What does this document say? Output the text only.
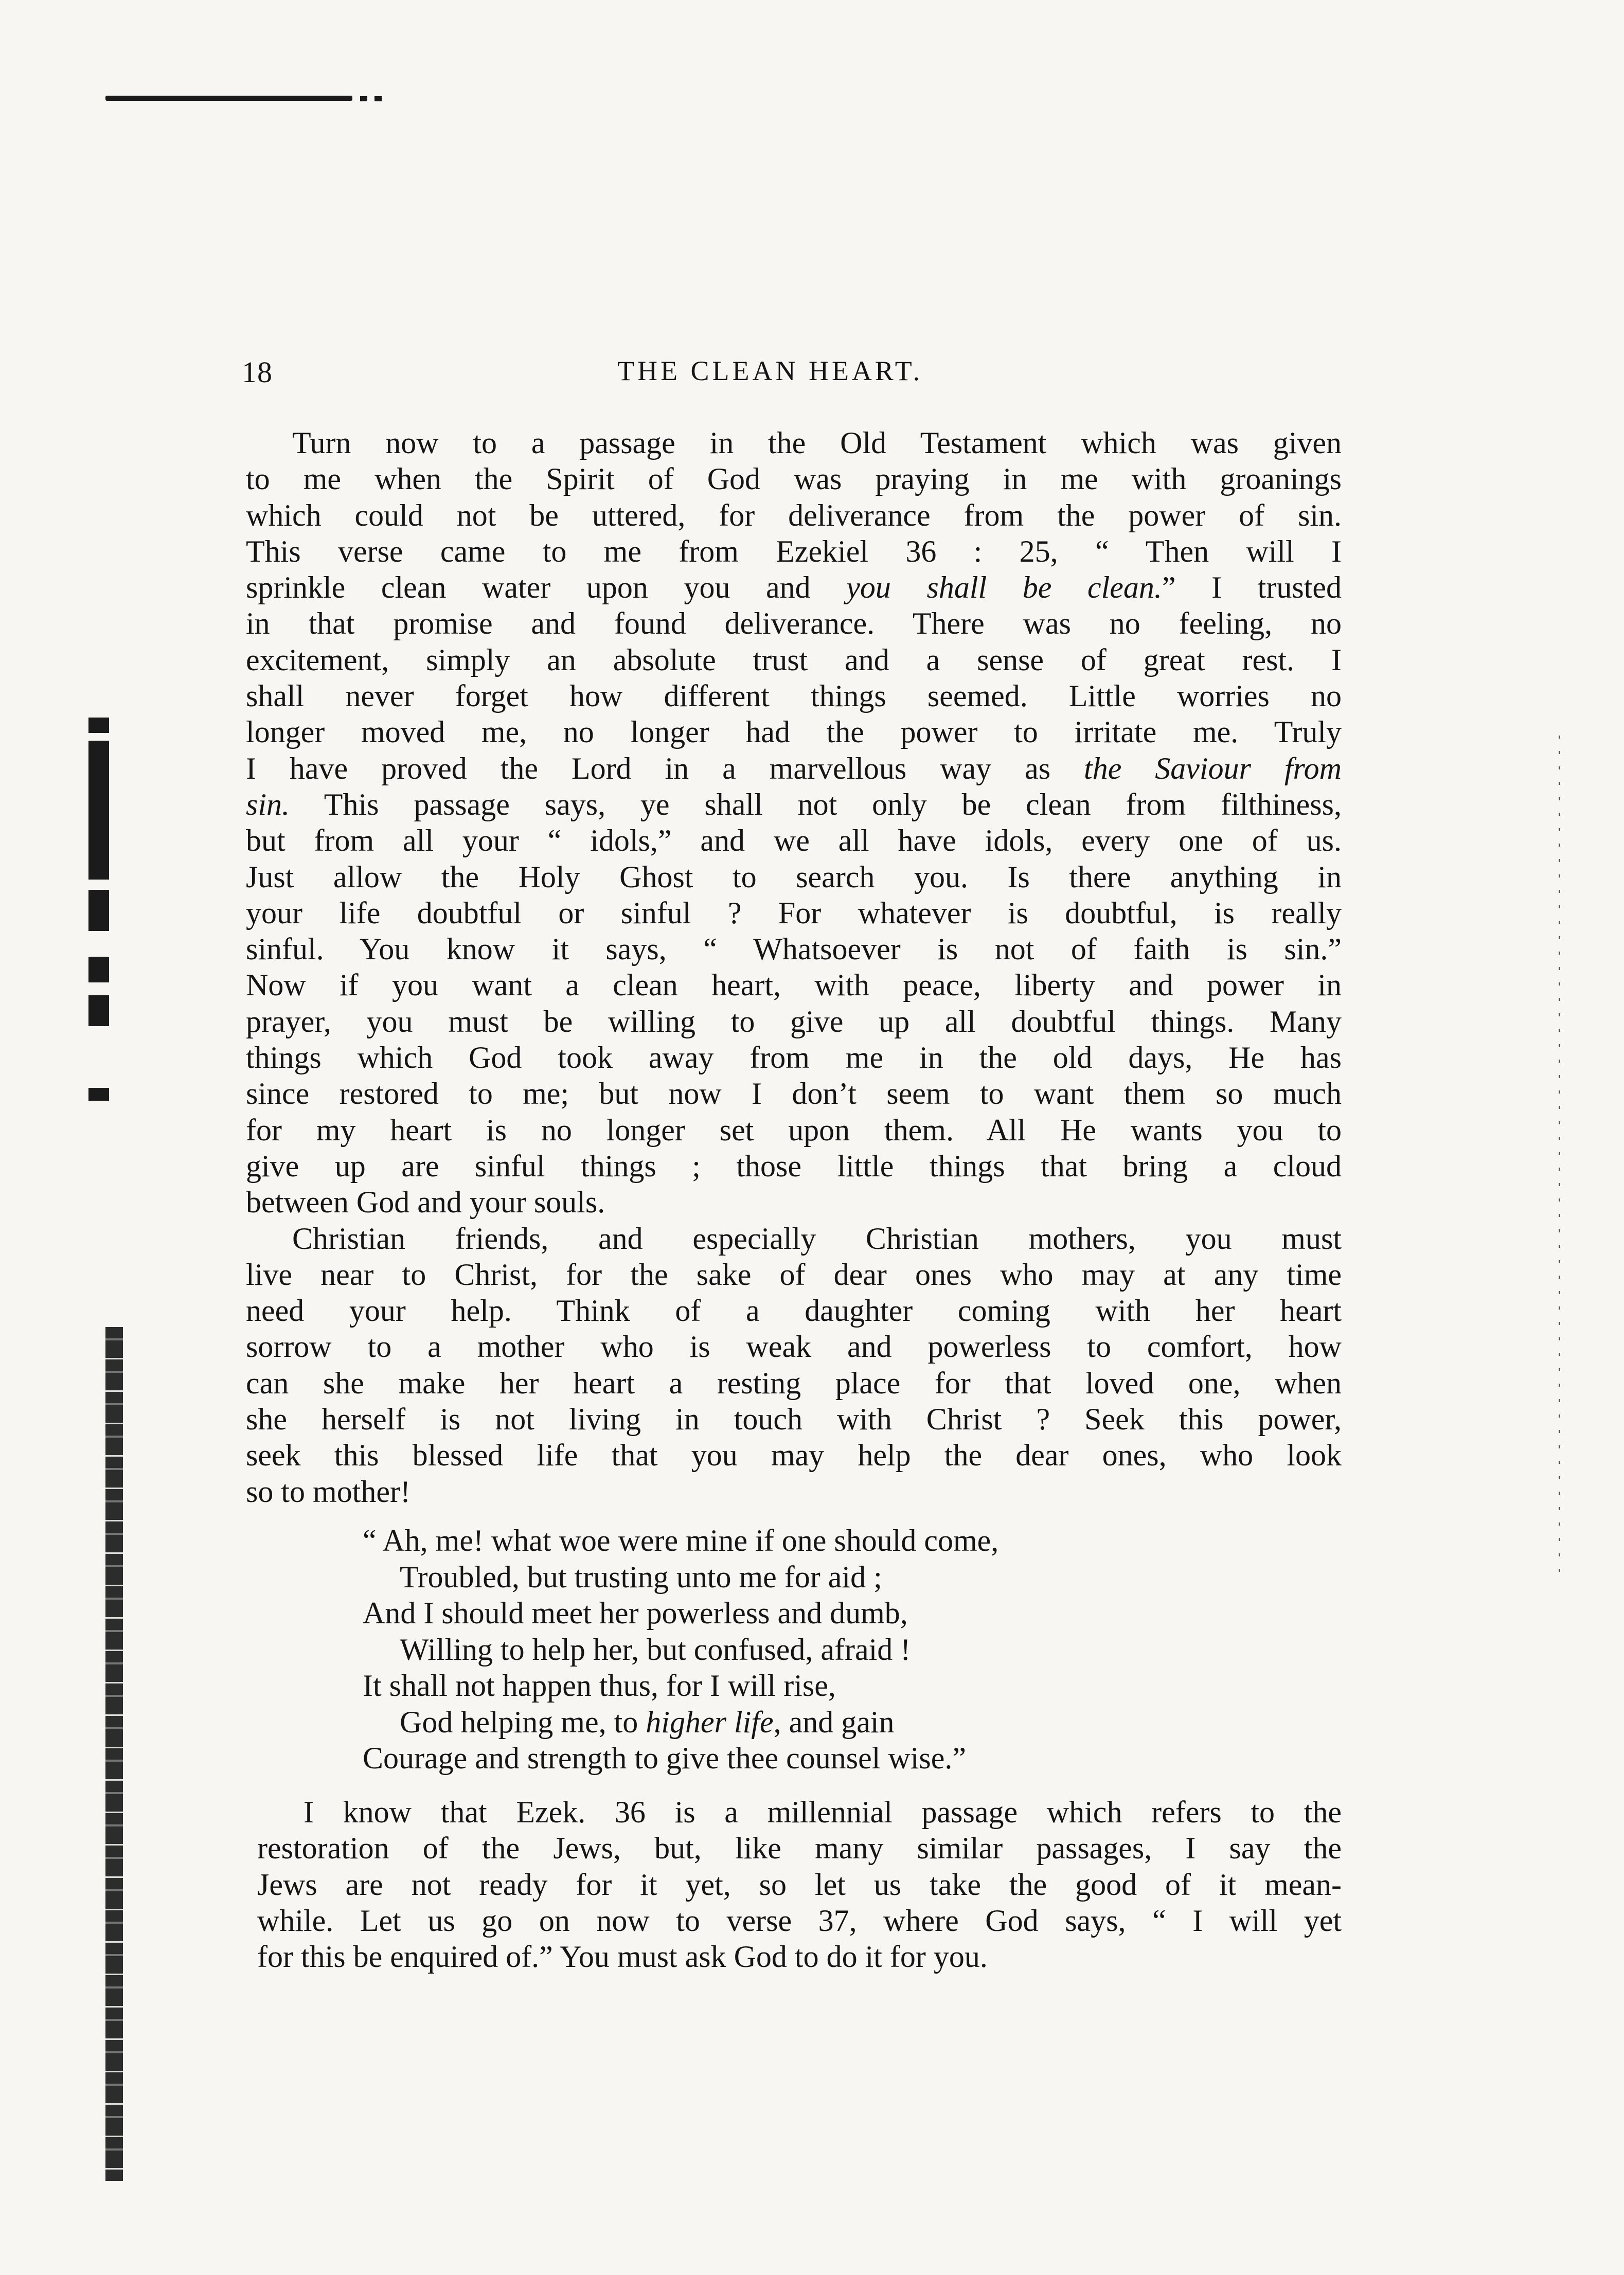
18	THE CLEAN HEART.
Turn now to a passage in the Old Testament which was given
to me when the Spirit of God was praying in me with groanings
which could not be uttered, for deliverance from the power of sin.
This verse came to me from Ezekiel 36 : 25, “ Then will I
sprinkle clean water upon you and you shall be clean.” I trusted
in that promise and found deliverance. There was no feeling, no
excitement, simply an absolute trust and a sense of great rest. I
shall never forget how different things seemed. Little worries no
longer moved me, no longer had the power to irritate me. Truly
I have proved the Lord in a marvellous way as the Saviour from
sin. This passage says, ye shall not only be clean from filthiness,
but from all your “ idols,” and we all have idols, every one of us.
Just allow the Holy Ghost to search you. Is there anything in
your life doubtful or sinful ? For whatever is doubtful, is really
sinful. You know it says, “ Whatsoever is not of faith is sin.”
Now if you want a clean heart, with peace, liberty and power in
prayer, you must be willing to give up all doubtful things. Many
things which God took away from me in the old days, He has
since restored to me; but now I don’t seem to want them so much
for my heart is no longer set upon them. All He wants you to
give up are sinful things ; those little things that bring a cloud
between God and your souls.
Christian friends, and especially Christian mothers, you must
live near to Christ, for the sake of dear ones who may at any time
need your help. Think of a daughter coming with her heart
sorrow to a mother who is weak and powerless to comfort, how
can she make her heart a resting place for that loved one, when
she herself is not living in touch with Christ ? Seek this power,
seek this blessed life that you may help the dear ones, who look
so to mother!
“ Ah, me! what woe were mine if one should come,
Troubled, but trusting unto me for aid ;
And I should meet her powerless and dumb,
Willing to help her, but confused, afraid !
It shall not happen thus, for I will rise,
God helping me, to higher life, and gain
Courage and strength to give thee counsel wise.”
I know that Ezek. 36 is a millennial passage which refers to the
restoration of the Jews, but, like many similar passages, I say the
Jews are not ready for it yet, so let us take the good of it mean-
while. Let us go on now to verse 37, where God says, “ I will yet
for this be enquired of.” You must ask God to do it for you.
